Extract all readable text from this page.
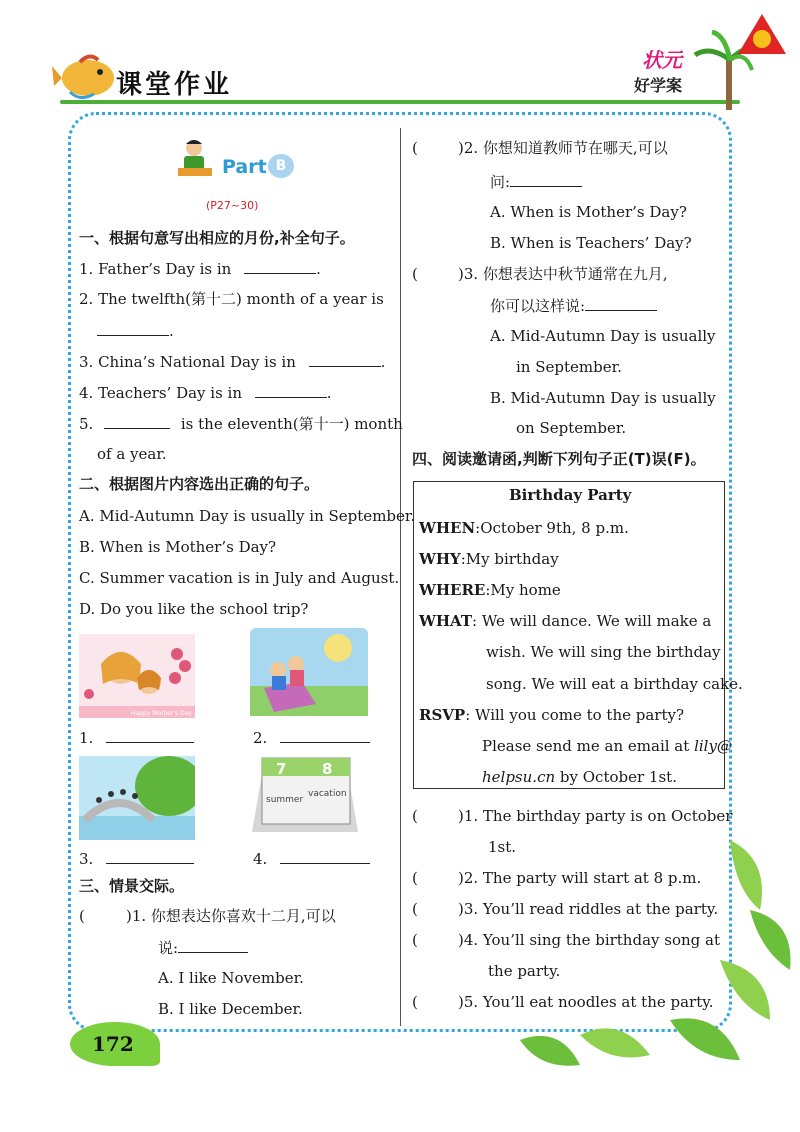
课堂作业
状元
好学案
Part B
(P27~30)
一、根据句意写出相应的月份,补全句子。
1. Father’s Day is in	.
2. The twelfth(第十二) month of a year is
.
3. China’s National Day is in	.
4. Teachers’ Day is in	.
5.	is the eleventh(第十一) month
of a year.
二、根据图片内容选出正确的句子。
A. Mid-Autumn Day is usually in September.
B. When is Mother’s Day?
C. Summer vacation is in July and August.
D. Do you like the school trip?
Happy Mother's Day
1.	2.
7 8
summer
vacation
3.	4.
三、情景交际。
(	)1. 你想表达你喜欢十二月,可以
说:
A. I like November.
B. I like December.
(	)2. 你想知道教师节在哪天,可以
问:
A. When is Mother’s Day?
B. When is Teachers’ Day?
(	)3. 你想表达中秋节通常在九月,
你可以这样说:
A. Mid-Autumn Day is usually
in September.
B. Mid-Autumn Day is usually
on September.
四、阅读邀请函,判断下列句子正(T)误(F)。
Birthday Party
WHEN:October 9th, 8 p.m.
WHY:My birthday
WHERE:My home
WHAT: We will dance. We will make a
wish. We will sing the birthday
song. We will eat a birthday cake.
RSVP: Will you come to the party?
Please send me an email at lily@
helpsu.cn by October 1st.
(	)1. The birthday party is on October
1st.
(	)2. The party will start at 8 p.m.
(	)3. You’ll read riddles at the party.
(	)4. You’ll sing the birthday song at
the party.
(	)5. You’ll eat noodles at the party.
172
